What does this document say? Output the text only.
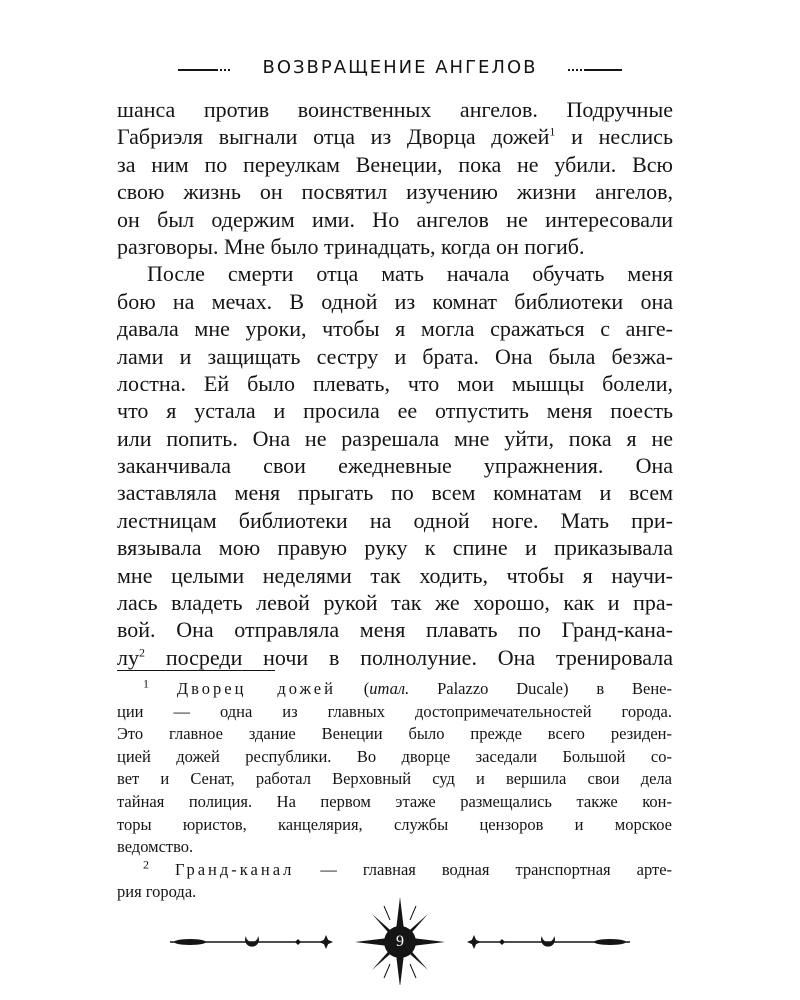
ВОЗВРАЩЕНИЕ АНГЕЛОВ
шанса против воинственных ангелов. Подручные
Габриэля выгнали отца из Дворца дожей$^1$ и неслись
за ним по переулкам Венеции, пока не убили. Всю
свою жизнь он посвятил изучению жизни ангелов,
он был одержим ими. Но ангелов не интересовали
разговоры. Мне было тринадцать, когда он погиб.
После смерти отца мать начала обучать меня
бою на мечах. В одной из комнат библиотеки она
давала мне уроки, чтобы я могла сражаться с анге-
лами и защищать сестру и брата. Она была безжа-
лостна. Ей было плевать, что мои мышцы болели,
что я устала и просила ее отпустить меня поесть
или попить. Она не разрешала мне уйти, пока я не
заканчивала свои ежедневные упражнения. Она
заставляла меня прыгать по всем комнатам и всем
лестницам библиотеки на одной ноге. Мать при-
вязывала мою правую руку к спине и приказывала
мне целыми неделями так ходить, чтобы я научи-
лась владеть левой рукой так же хорошо, как и пра-
вой. Она отправляла меня плавать по Гранд-кана-
$лу^2$ посреди ночи в полнолуние. Она тренировала
$^1$ Дворец дожей (итал. Palazzo Ducale) в Вене-
ции — одна из главных достопримечательностей города.
Это главное здание Венеции было прежде всего резиден-
цией дожей республики. Во дворце заседали Большой со-
вет и Сенат, работал Верховный суд и вершила свои дела
тайная полиция. На первом этаже размещались также кон-
торы юристов, канцелярия, службы цензоров и морское
ведомство.
$^2$ Гранд-канал — главная водная транспортная арте-
рия города.
9
